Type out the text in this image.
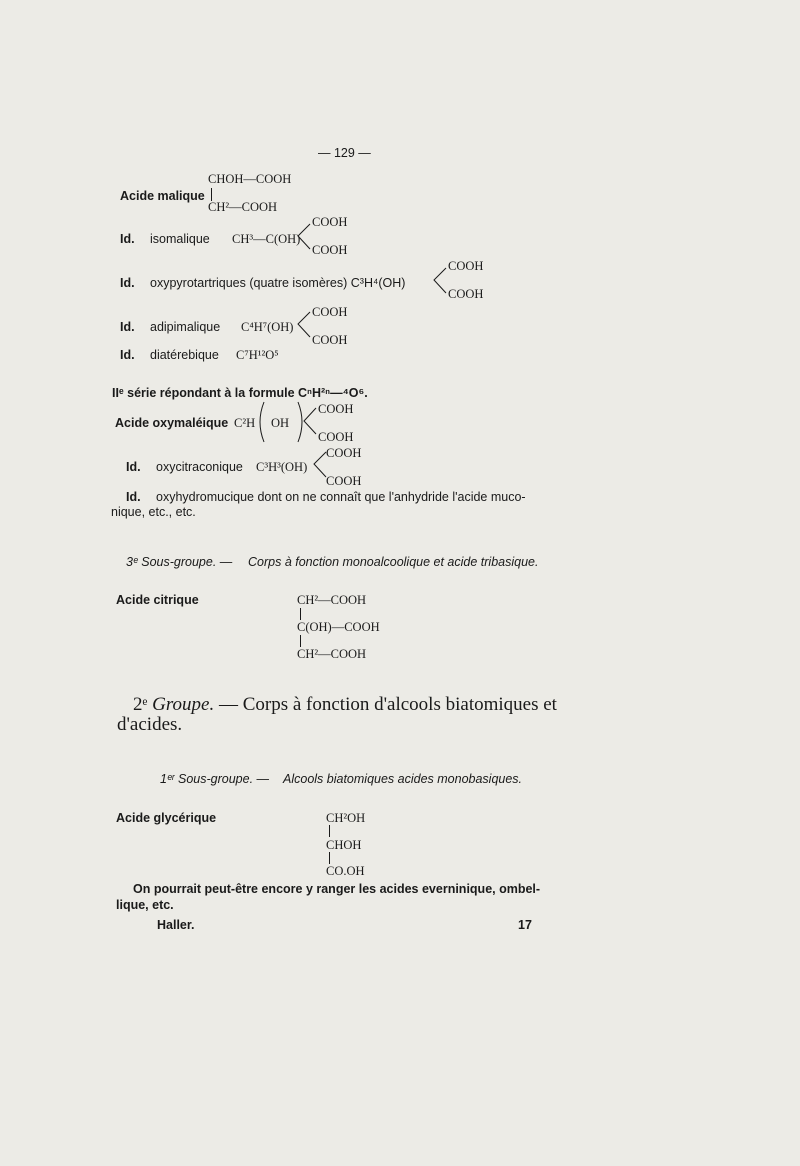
— 129 —
Acide malique
CHOH—COOH
CH²—COOH
Id. isomalique CH³—C(OH)
COOH
COOH
Id. oxypyrotartriques (quatre isomères) C³H⁴(OH)
COOH
COOH
Id. adipimalique C⁴H⁷(OH)
COOH
COOH
Id. diatérebique C⁷H¹²O⁵
IIᵉ série répondant à la formule CⁿH²ⁿ—⁴O⁶.
Acide oxymaléique C²H OH
COOH
COOH
Id. oxycitraconique C³H³(OH)
COOH
COOH
Id. oxyhydromucique dont on ne connaît que l'anhydride l'acide muco-
nique, etc., etc.
3ᵉ Sous-groupe. — Corps à fonction monoalcoolique et acide tribasique.
Acide citrique	CH²—COOH
C(OH)—COOH
CH²—COOH
2ᵉ Groupe. — Corps à fonction d'alcools biatomiques et
d'acides.
1ᵉʳ Sous-groupe. — Alcools biatomiques acides monobasiques.
Acide glycérique	CH²OH
CHOH
CO.OH
On pourrait peut-être encore y ranger les acides everninique, ombel-
lique, etc.
Haller.	17
